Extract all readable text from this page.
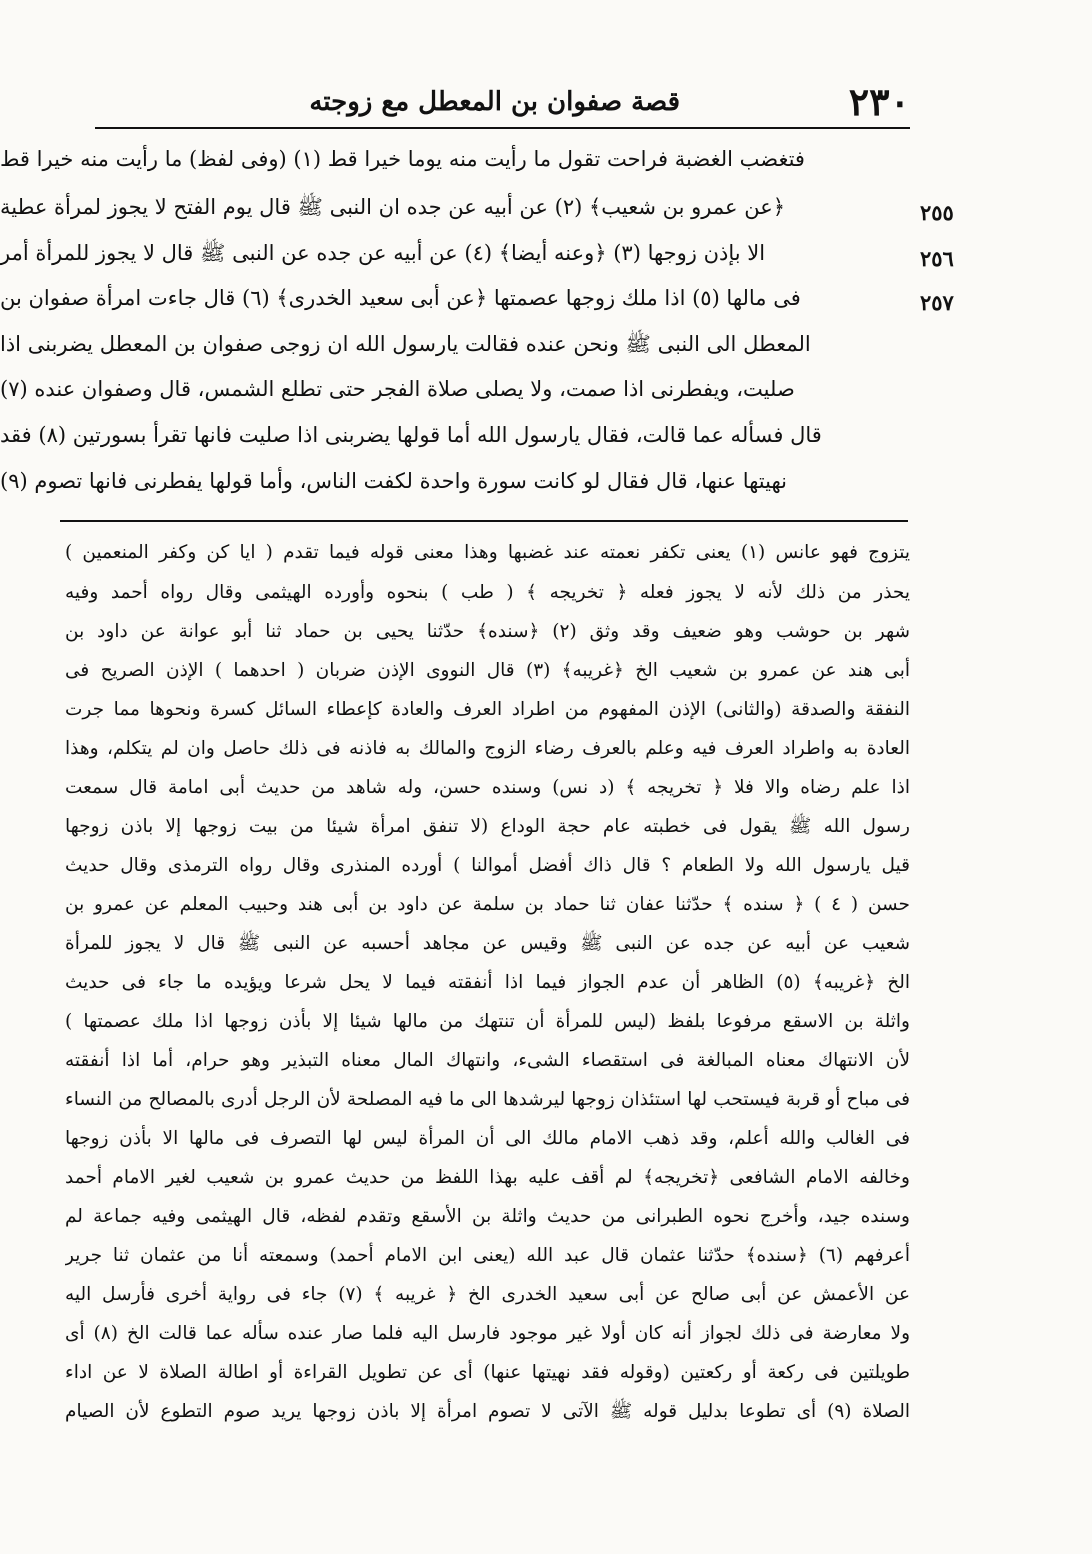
٢٣٠
قصة صفوان بن المعطل مع زوجته
٢٥٥
٢٥٦
٢٥٧
فتغضب الغضبة فراحت تقول ما رأيت منه يوما خيرا قط (١) (وفى لفظ) ما رأيت منه خيرا قط
﴿عن عمرو بن شعيب﴾ (٢) عن أبيه عن جده ان النبى ﷺ قال يوم الفتح لا يجوز لمرأة عطية
الا بإذن زوجها (٣) ﴿وعنه أيضا﴾ (٤) عن أبيه عن جده عن النبى ﷺ قال لا يجوز للمرأة أمر
فى مالها (٥) اذا ملك زوجها عصمتها ﴿عن أبى سعيد الخدرى﴾ (٦) قال جاءت امرأة صفوان بن
المعطل الى النبى ﷺ ونحن عنده فقالت يارسول الله ان زوجى صفوان بن المعطل يضربنى اذا
صليت، ويفطرنى اذا صمت، ولا يصلى صلاة الفجر حتى تطلع الشمس، قال وصفوان عنده (٧)
قال فسأله عما قالت، فقال يارسول الله أما قولها يضربنى اذا صليت فانها تقرأ بسورتين (٨) فقد
نهيتها عنها، قال فقال لو كانت سورة واحدة لكفت الناس، وأما قولها يفطرنى فانها تصوم (٩)
يتزوج فهو عانس (١) يعنى تكفر نعمته عند غضبها وهذا معنى قوله فيما تقدم ( ايا كن وكفر المنعمين )
يحذر من ذلك لأنه لا يجوز فعله ﴿ تخريجه ﴾ ( طب ) بنحوه وأورده الهيثمى وقال رواه أحمد وفيه
شهر بن حوشب وهو ضعيف وقد وثق (٢) ﴿سنده﴾ حدّثنا يحيى بن حماد ثنا أبو عوانة عن داود بن
أبى هند عن عمرو بن شعيب الخ ﴿غريبه﴾ (٣) قال النووى الإذن ضربان ( احدهما ) الإذن الصريح فى
النفقة والصدقة (والثانى) الإذن المفهوم من اطراد العرف والعادة كإعطاء السائل كسرة ونحوها مما جرت
العادة به واطراد العرف فيه وعلم بالعرف رضاء الزوج والمالك به فاذنه فى ذلك حاصل وان لم يتكلم، وهذا
اذا علم رضاه والا فلا ﴿ تخريجه ﴾ (د نس) وسنده حسن، وله شاهد من حديث أبى امامة قال سمعت
رسول الله ﷺ يقول فى خطبته عام حجة الوداع (لا تنفق امرأة شيئا من بيت زوجها إلا باذن زوجها
قيل يارسول الله ولا الطعام ؟ قال ذاك أفضل أموالنا ) أورده المنذرى وقال رواه الترمذى وقال حديث
حسن ( ٤ ) ﴿ سنده ﴾ حدّثنا عفان ثنا حماد بن سلمة عن داود بن أبى هند وحبيب المعلم عن عمرو بن
شعيب عن أبيه عن جده عن النبى ﷺ وقيس عن مجاهد أحسبه عن النبى ﷺ قال لا يجوز للمرأة
الخ ﴿غريبه﴾ (٥) الظاهر أن عدم الجواز فيما اذا أنفقته فيما لا يحل شرعا ويؤيده ما جاء فى حديث
واثلة بن الاسقع مرفوعا بلفظ (ليس للمرأة أن تنتهك من مالها شيئا إلا بأذن زوجها اذا ملك عصمتها )
لأن الانتهاك معناه المبالغة فى استقصاء الشىء، وانتهاك المال معناه التبذير وهو حرام، أما اذا أنفقته
فى مباح أو قربة فيستحب لها استئذان زوجها ليرشدها الى ما فيه المصلحة لأن الرجل أدرى بالمصالح من النساء
فى الغالب والله أعلم، وقد ذهب الامام مالك الى أن المرأة ليس لها التصرف فى مالها الا بأذن زوجها
وخالفه الامام الشافعى ﴿تخريجه﴾ لم أقف عليه بهذا اللفظ من حديث عمرو بن شعيب لغير الامام أحمد
وسنده جيد، وأخرج نحوه الطبرانى من حديث واثلة بن الأسقع وتقدم لفظه، قال الهيثمى وفيه جماعة لم
أعرفهم (٦) ﴿سنده﴾ حدّثنا عثمان قال عبد الله (يعنى ابن الامام أحمد) وسمعته أنا من عثمان ثنا جرير
عن الأعمش عن أبى صالح عن أبى سعيد الخدرى الخ ﴿ غريبه ﴾ (٧) جاء فى رواية أخرى فأرسل اليه
ولا معارضة فى ذلك لجواز أنه كان أولا غير موجود فارسل اليه فلما صار عنده سأله عما قالت الخ (٨) أى
طويلتين فى ركعة أو ركعتين (وقوله فقد نهيتها عنها) أى عن تطويل القراءة أو اطالة الصلاة لا عن اداء
الصلاة (٩) أى تطوعا بدليل قوله ﷺ الآتى لا تصوم امرأة إلا باذن زوجها يريد صوم التطوع لأن الصيام
